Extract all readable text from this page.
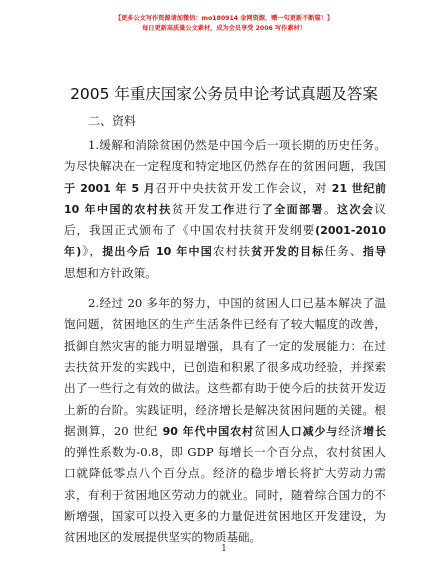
【更多公文写作资源请加微信：mo180914 金网资源，赠一句更新不断猫！】
每日更新高质量公文素材，成为会员享受 2006 写作素材！
2005 年重庆国家公务员申论考试真题及答案
二、资料
1.缓解和消除贫困仍然是中国今后一项长期的历史任务。
为尽快解决在一定程度和特定地区仍然存在的贫困问题，我国
于 2001 年 5 月召开中央扶贫开发工作会议，对 21 世纪前
10 年中国的农村扶贫开发工作进行了全面部署。这次会议
后，我国正式颁布了《中国农村扶贫开发纲要(2001-2010
年)》，提出今后 10 年中国农村扶贫开发的目标任务、指导
思想和方针政策。
2.经过 20 多年的努力，中国的贫困人口已基本解决了温
饱问题，贫困地区的生产生活条件已经有了较大幅度的改善，
抵御自然灾害的能力明显增强，具有了一定的发展能力：在过
去扶贫开发的实践中，已创造和积累了很多成功经验，并探索
出了一些行之有效的做法。这些都有助于使今后的扶贫开发迈
上新的台阶。实践证明，经济增长是解决贫困问题的关键。根
据测算，20 世纪 90 年代中国农村贫困人口减少与经济增长
的弹性系数为-0.8，即 GDP 每增长一个百分点，农村贫困人
口就降低零点八个百分点。经济的稳步增长将扩大劳动力需
求，有利于贫困地区劳动力的就业。同时，随着综合国力的不
断增强，国家可以投入更多的力量促进贫困地区开发建设，为
贫困地区的发展提供坚实的物质基础。
1
